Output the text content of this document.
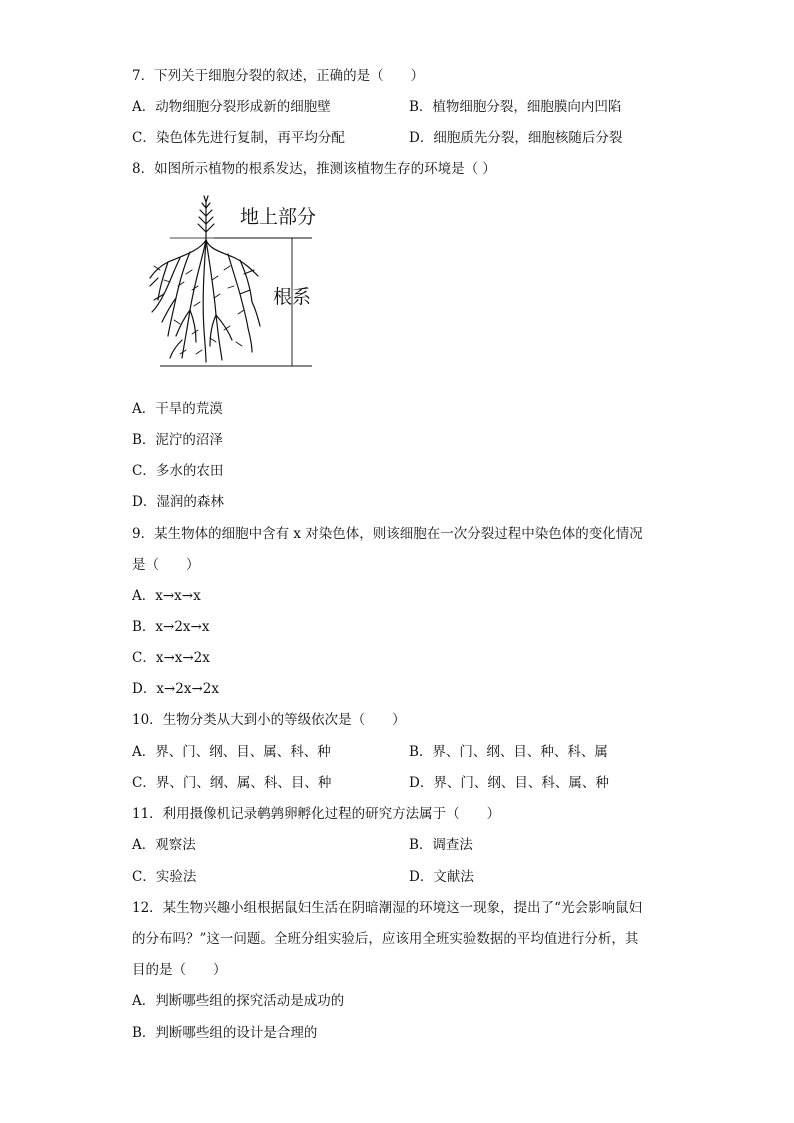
7．下列关于细胞分裂的叙述，正确的是（　　）
A．动物细胞分裂形成新的细胞壁	B．植物细胞分裂，细胞膜向内凹陷
C．染色体先进行复制，再平均分配	D．细胞质先分裂，细胞核随后分裂
8．如图所示植物的根系发达，推测该植物生存的环境是（ ）
地上部分
根系
A．干旱的荒漠
B．泥泞的沼泽
C．多水的农田
D．湿润的森林
9．某生物体的细胞中含有 x 对染色体，则该细胞在一次分裂过程中染色体的变化情况
是（　　）
A．x→x→x
B．x→2x→x
C．x→x→2x
D．x→2x→2x
10．生物分类从大到小的等级依次是（　　）
A．界、门、纲、目、属、科、种	B．界、门、纲、目、种、科、属
C．界、门、纲、属、科、目、种	D．界、门、纲、目、科、属、种
11．利用摄像机记录鹌鹑卵孵化过程的研究方法属于（　　）
A．观察法	B．调查法
C．实验法	D．文献法
12．某生物兴趣小组根据鼠妇生活在阴暗潮湿的环境这一现象，提出了“光会影响鼠妇
的分布吗？”这一问题。全班分组实验后，应该用全班实验数据的平均值进行分析，其
目的是（　　）
A．判断哪些组的探究活动是成功的
B．判断哪些组的设计是合理的
